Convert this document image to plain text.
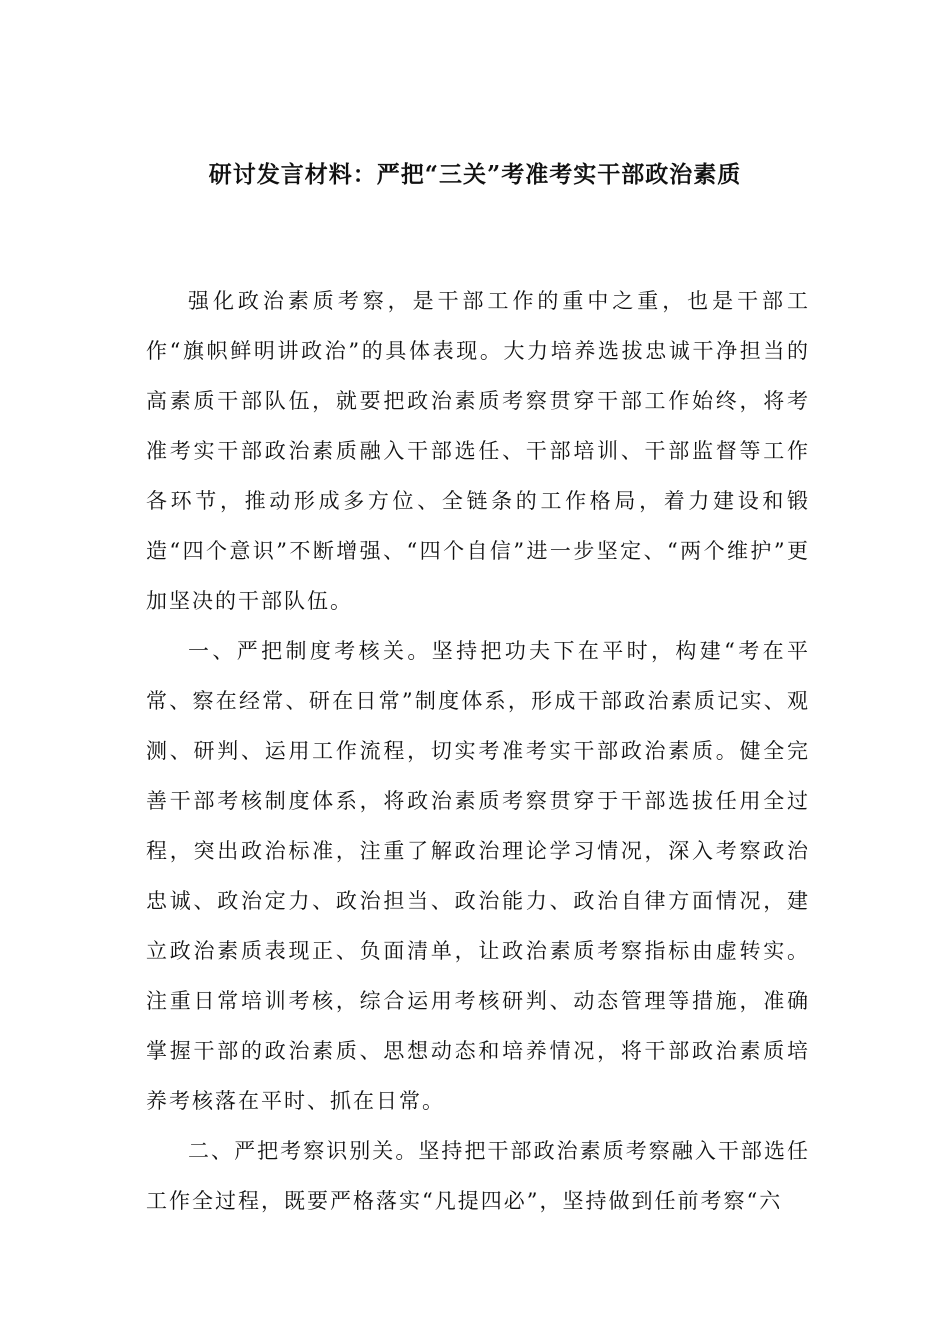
研讨发言材料：严把“三关”考准考实干部政治素质

强化政治素质考察，是干部工作的重中之重，也是干部工作“旗帜鲜明讲政治”的具体表现。大力培养选拔忠诚干净担当的高素质干部队伍，就要把政治素质考察贯穿干部工作始终，将考准考实干部政治素质融入干部选任、干部培训、干部监督等工作各环节，推动形成多方位、全链条的工作格局，着力建设和锻造“四个意识”不断增强、“四个自信”进一步坚定、“两个维护”更加坚决的干部队伍。

一、严把制度考核关。坚持把功夫下在平时，构建“考在平常、察在经常、研在日常”制度体系，形成干部政治素质记实、观测、研判、运用工作流程，切实考准考实干部政治素质。健全完善干部考核制度体系，将政治素质考察贯穿于干部选拔任用全过程，突出政治标准，注重了解政治理论学习情况，深入考察政治忠诚、政治定力、政治担当、政治能力、政治自律方面情况，建立政治素质表现正、负面清单，让政治素质考察指标由虚转实。注重日常培训考核，综合运用考核研判、动态管理等措施，准确掌握干部的政治素质、思想动态和培养情况，将干部政治素质培养考核落在平时、抓在日常。

二、严把考察识别关。坚持把干部政治素质考察融入干部选任工作全过程，既要严格落实“凡提四必”，坚持做到任前考察“六
